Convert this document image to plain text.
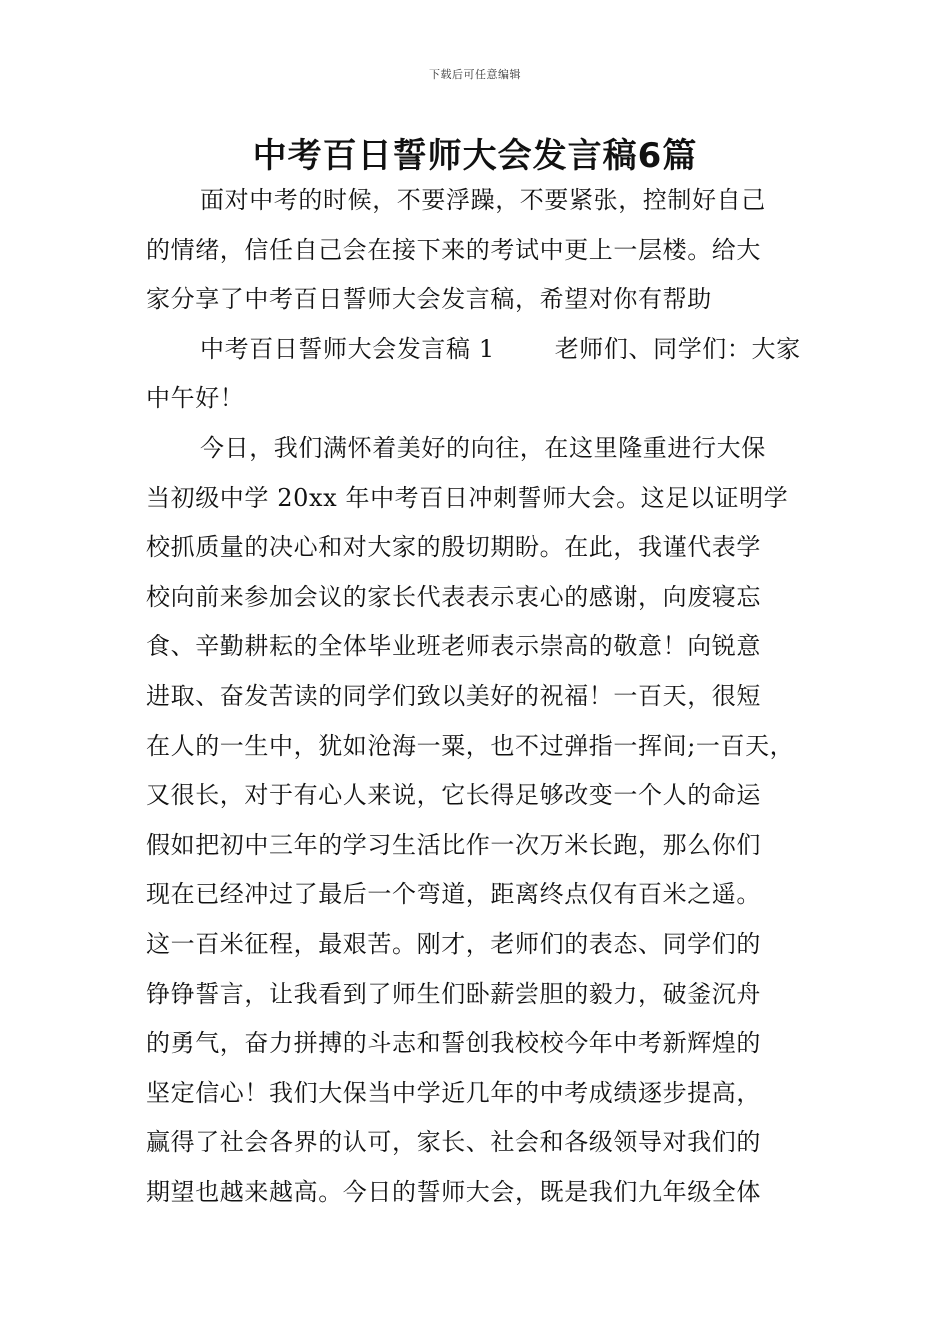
下载后可任意编辑
中考百日誓师大会发言稿6篇
面对中考的时候，不要浮躁，不要紧张，控制好自己
的情绪，信任自己会在接下来的考试中更上一层楼。给大
家分享了中考百日誓师大会发言稿，希望对你有帮助
中考百日誓师大会发言稿 1	老师们、同学们：大家
中午好！
今日，我们满怀着美好的向往，在这里隆重进行大保
当初级中学 20xx 年中考百日冲刺誓师大会。这足以证明学
校抓质量的决心和对大家的殷切期盼。在此，我谨代表学
校向前来参加会议的家长代表表示衷心的感谢，向废寝忘
食、辛勤耕耘的全体毕业班老师表示崇高的敬意！向锐意
进取、奋发苦读的同学们致以美好的祝福！一百天，很短
在人的一生中，犹如沧海一粟，也不过弹指一挥间;一百天，
又很长，对于有心人来说，它长得足够改变一个人的命运
假如把初中三年的学习生活比作一次万米长跑，那么你们
现在已经冲过了最后一个弯道，距离终点仅有百米之遥。
这一百米征程，最艰苦。刚才，老师们的表态、同学们的
铮铮誓言，让我看到了师生们卧薪尝胆的毅力，破釜沉舟
的勇气，奋力拼搏的斗志和誓创我校校今年中考新辉煌的
坚定信心！我们大保当中学近几年的中考成绩逐步提高，
赢得了社会各界的认可，家长、社会和各级领导对我们的
期望也越来越高。今日的誓师大会，既是我们九年级全体
